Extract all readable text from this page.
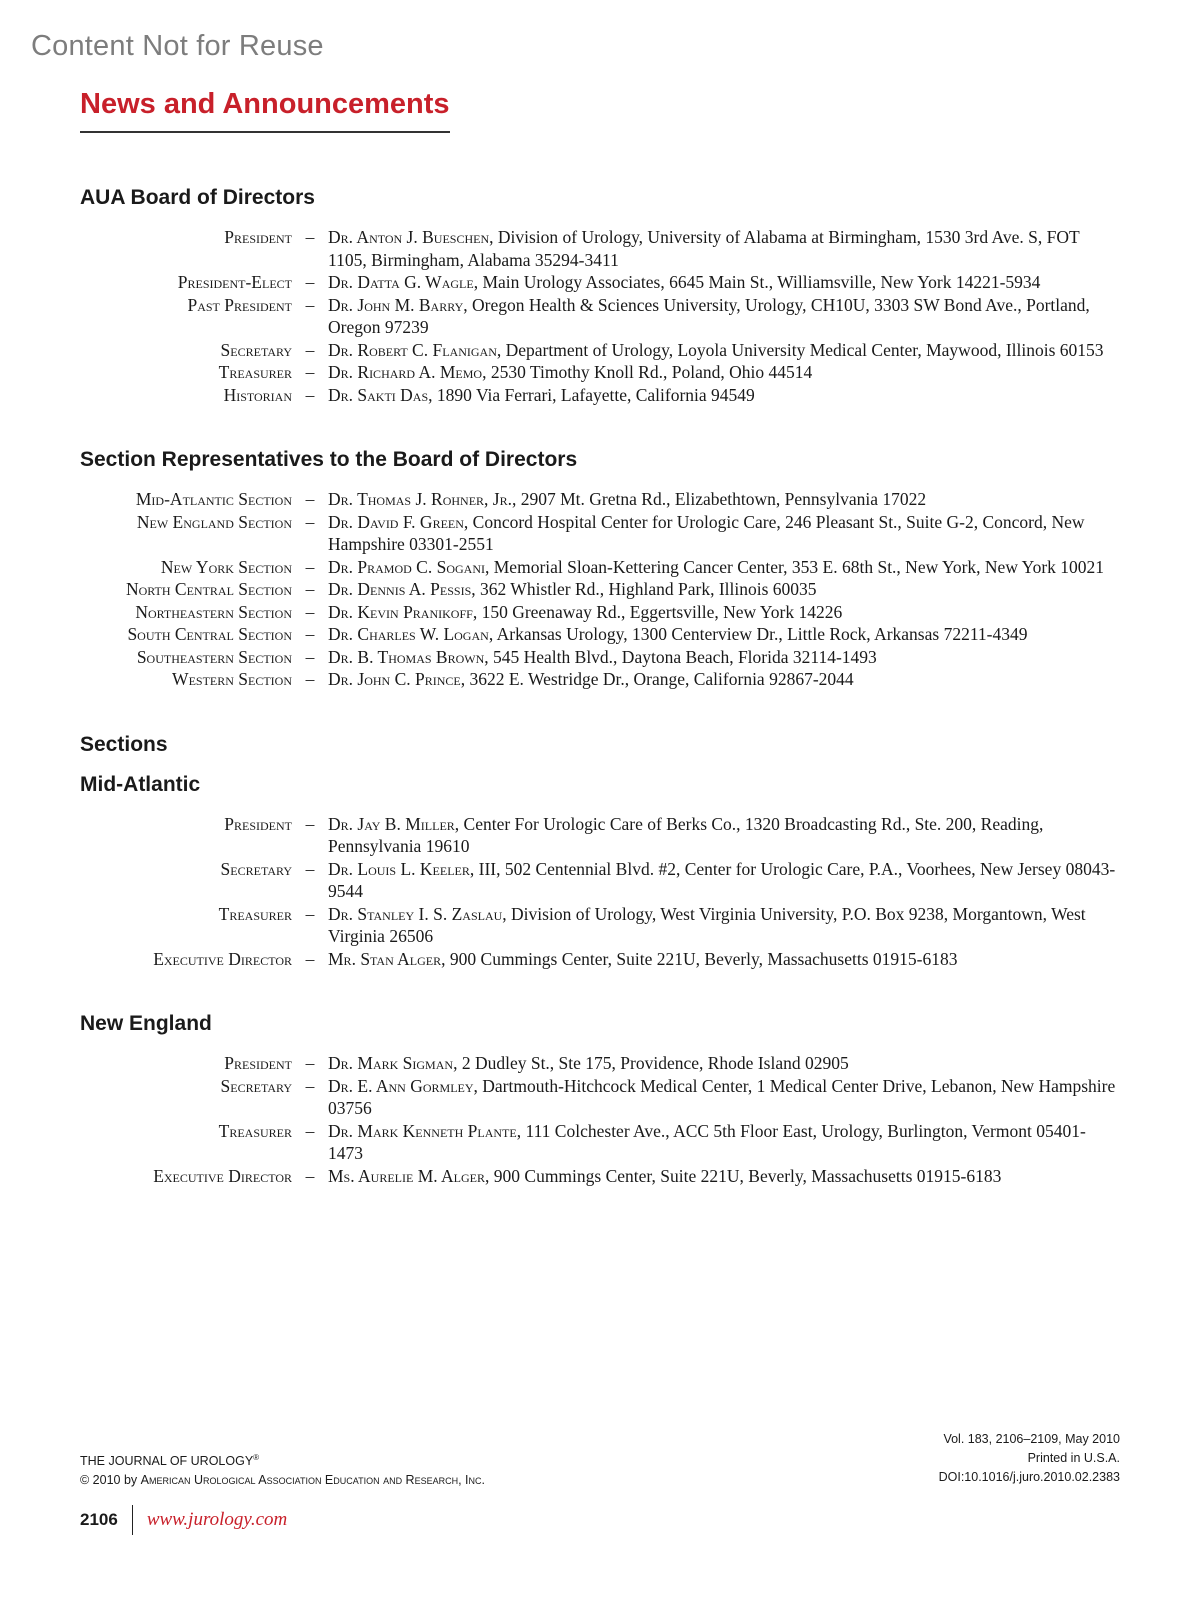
Content Not for Reuse
News and Announcements
AUA Board of Directors
President – Dr. Anton J. Bueschen, Division of Urology, University of Alabama at Birmingham, 1530 3rd Ave. S, FOT 1105, Birmingham, Alabama 35294-3411
President-Elect – Dr. Datta G. Wagle, Main Urology Associates, 6645 Main St., Williamsville, New York 14221-5934
Past President – Dr. John M. Barry, Oregon Health & Sciences University, Urology, CH10U, 3303 SW Bond Ave., Portland, Oregon 97239
Secretary – Dr. Robert C. Flanigan, Department of Urology, Loyola University Medical Center, Maywood, Illinois 60153
Treasurer – Dr. Richard A. Memo, 2530 Timothy Knoll Rd., Poland, Ohio 44514
Historian – Dr. Sakti Das, 1890 Via Ferrari, Lafayette, California 94549
Section Representatives to the Board of Directors
Mid-Atlantic Section – Dr. Thomas J. Rohner, Jr., 2907 Mt. Gretna Rd., Elizabethtown, Pennsylvania 17022
New England Section – Dr. David F. Green, Concord Hospital Center for Urologic Care, 246 Pleasant St., Suite G-2, Concord, New Hampshire 03301-2551
New York Section – Dr. Pramod C. Sogani, Memorial Sloan-Kettering Cancer Center, 353 E. 68th St., New York, New York 10021
North Central Section – Dr. Dennis A. Pessis, 362 Whistler Rd., Highland Park, Illinois 60035
Northeastern Section – Dr. Kevin Pranikoff, 150 Greenaway Rd., Eggertsville, New York 14226
South Central Section – Dr. Charles W. Logan, Arkansas Urology, 1300 Centerview Dr., Little Rock, Arkansas 72211-4349
Southeastern Section – Dr. B. Thomas Brown, 545 Health Blvd., Daytona Beach, Florida 32114-1493
Western Section – Dr. John C. Prince, 3622 E. Westridge Dr., Orange, California 92867-2044
Sections
Mid-Atlantic
President – Dr. Jay B. Miller, Center For Urologic Care of Berks Co., 1320 Broadcasting Rd., Ste. 200, Reading, Pennsylvania 19610
Secretary – Dr. Louis L. Keeler, III, 502 Centennial Blvd. #2, Center for Urologic Care, P.A., Voorhees, New Jersey 08043-9544
Treasurer – Dr. Stanley I. S. Zaslau, Division of Urology, West Virginia University, P.O. Box 9238, Morgantown, West Virginia 26506
Executive Director – Mr. Stan Alger, 900 Cummings Center, Suite 221U, Beverly, Massachusetts 01915-6183
New England
President – Dr. Mark Sigman, 2 Dudley St., Ste 175, Providence, Rhode Island 02905
Secretary – Dr. E. Ann Gormley, Dartmouth-Hitchcock Medical Center, 1 Medical Center Drive, Lebanon, New Hampshire 03756
Treasurer – Dr. Mark Kenneth Plante, 111 Colchester Ave., ACC 5th Floor East, Urology, Burlington, Vermont 05401-1473
Executive Director – Ms. Aurelie M. Alger, 900 Cummings Center, Suite 221U, Beverly, Massachusetts 01915-6183
THE JOURNAL OF UROLOGY®
© 2010 by American Urological Association Education and Research, Inc.
Vol. 183, 2106–2109, May 2010
Printed in U.S.A.
DOI:10.1016/j.juro.2010.02.2383
2106	www.jurology.com
